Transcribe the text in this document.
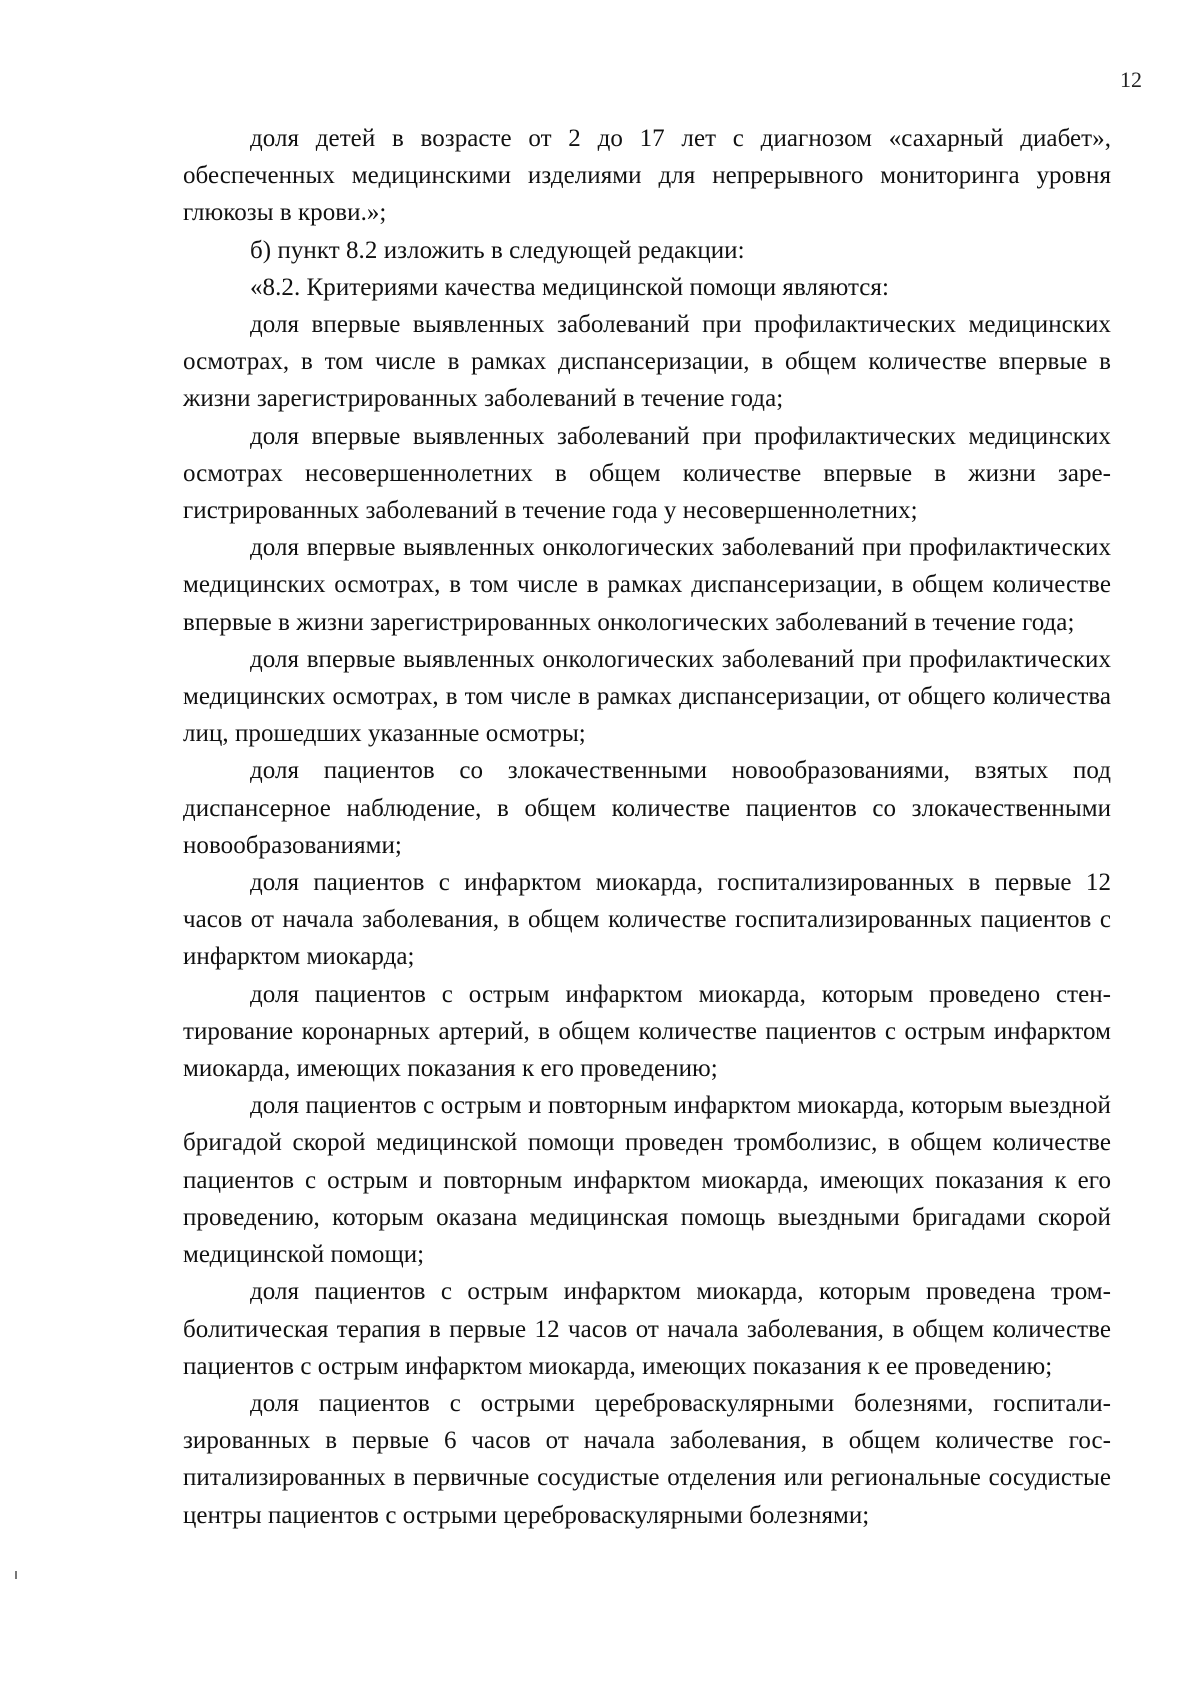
12

доля детей в возрасте от 2 до 17 лет с диагнозом «сахарный диабет», обеспеченных медицинскими изделиями для непрерывного мониторинга уровня глюкозы в крови.»;

б) пункт 8.2 изложить в следующей редакции:

«8.2. Критериями качества медицинской помощи являются:

доля впервые выявленных заболеваний при профилактических медицинских осмотрах, в том числе в рамках диспансеризации, в общем количестве впервые в жизни зарегистрированных заболеваний в течение года;

доля впервые выявленных заболеваний при профилактических медицинских осмотрах несовершеннолетних в общем количестве впервые в жизни зарегистрированных заболеваний в течение года у несовершеннолетних;

доля впервые выявленных онкологических заболеваний при профилактических медицинских осмотрах, в том числе в рамках диспансеризации, в общем количестве впервые в жизни зарегистрированных онкологических заболеваний в течение года;

доля впервые выявленных онкологических заболеваний при профилактических медицинских осмотрах, в том числе в рамках диспансеризации, от общего количества лиц, прошедших указанные осмотры;

доля пациентов со злокачественными новообразованиями, взятых под диспансерное наблюдение, в общем количестве пациентов со злокачественными новообразованиями;

доля пациентов с инфарктом миокарда, госпитализированных в первые 12 часов от начала заболевания, в общем количестве госпитализированных пациентов с инфарктом миокарда;

доля пациентов с острым инфарктом миокарда, которым проведено стентирование коронарных артерий, в общем количестве пациентов с острым инфарктом миокарда, имеющих показания к его проведению;

доля пациентов с острым и повторным инфарктом миокарда, которым выездной бригадой скорой медицинской помощи проведен тромболизис, в общем количестве пациентов с острым и повторным инфарктом миокарда, имеющих показания к его проведению, которым оказана медицинская помощь выездными бригадами скорой медицинской помощи;

доля пациентов с острым инфарктом миокарда, которым проведена тромболитическая терапия в первые 12 часов от начала заболевания, в общем количестве пациентов с острым инфарктом миокарда, имеющих показания к ее проведению;

доля пациентов с острыми цереброваскулярными болезнями, госпитализированных в первые 6 часов от начала заболевания, в общем количестве госпитализированных в первичные сосудистые отделения или региональные сосудистые центры пациентов с острыми цереброваскулярными болезнями;
